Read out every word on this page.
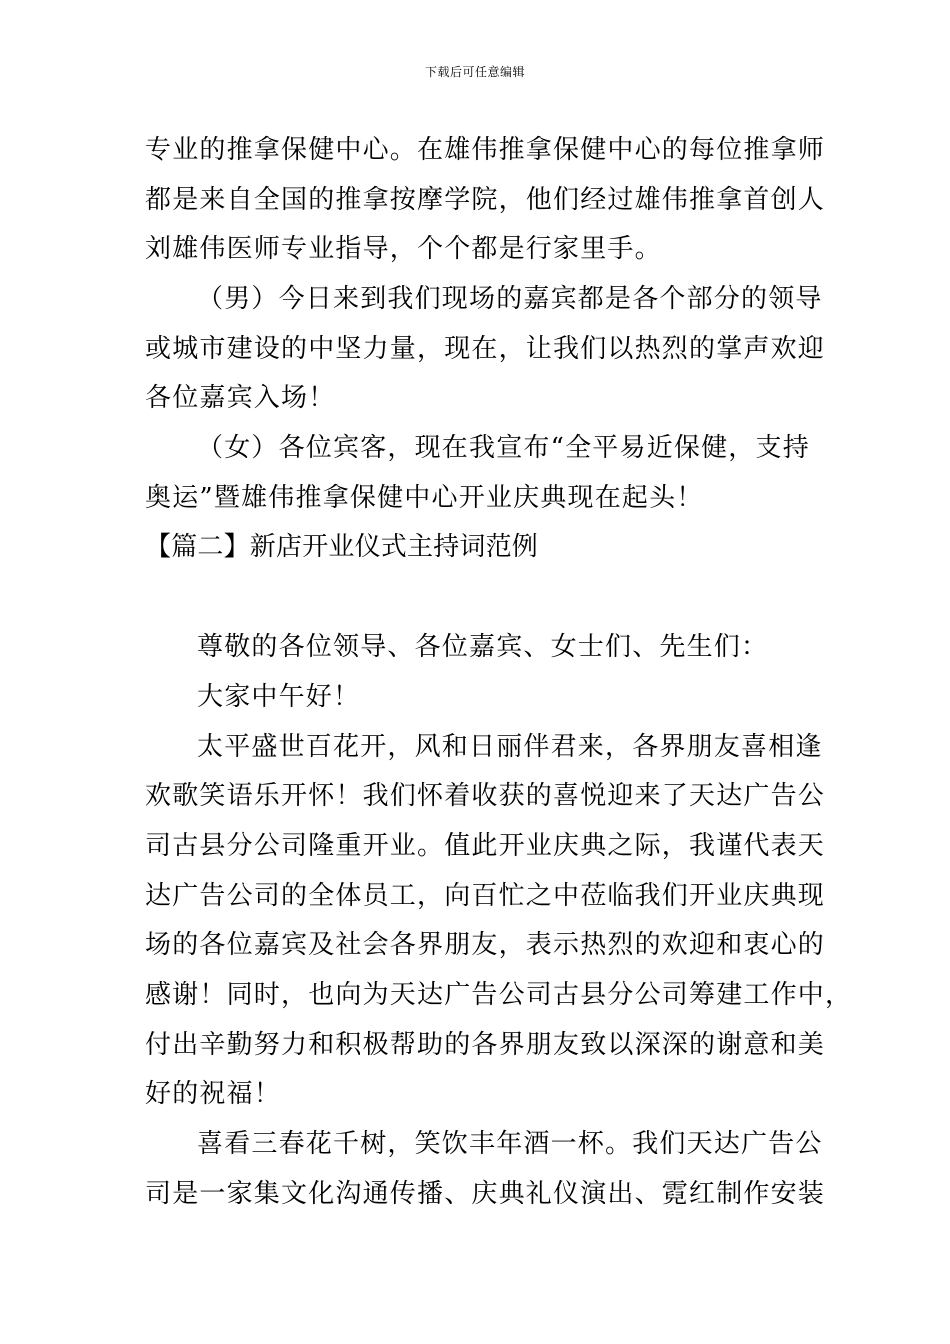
下载后可任意编辑
专业的推拿保健中心。在雄伟推拿保健中心的每位推拿师
都是来自全国的推拿按摩学院，他们经过雄伟推拿首创人
刘雄伟医师专业指导，个个都是行家里手。
（男）今日来到我们现场的嘉宾都是各个部分的领导
或城市建设的中坚力量，现在，让我们以热烈的掌声欢迎
各位嘉宾入场！
（女）各位宾客，现在我宣布“全平易近保健，支持
奥运”暨雄伟推拿保健中心开业庆典现在起头！
【篇二】新店开业仪式主持词范例
尊敬的各位领导、各位嘉宾、女士们、先生们：
大家中午好！
太平盛世百花开，风和日丽伴君来，各界朋友喜相逢
欢歌笑语乐开怀！我们怀着收获的喜悦迎来了天达广告公
司古县分公司隆重开业。值此开业庆典之际，我谨代表天
达广告公司的全体员工，向百忙之中莅临我们开业庆典现
场的各位嘉宾及社会各界朋友，表示热烈的欢迎和衷心的
感谢！同时，也向为天达广告公司古县分公司筹建工作中，
付出辛勤努力和积极帮助的各界朋友致以深深的谢意和美
好的祝福！
喜看三春花千树，笑饮丰年酒一杯。我们天达广告公
司是一家集文化沟通传播、庆典礼仪演出、霓红制作安装
